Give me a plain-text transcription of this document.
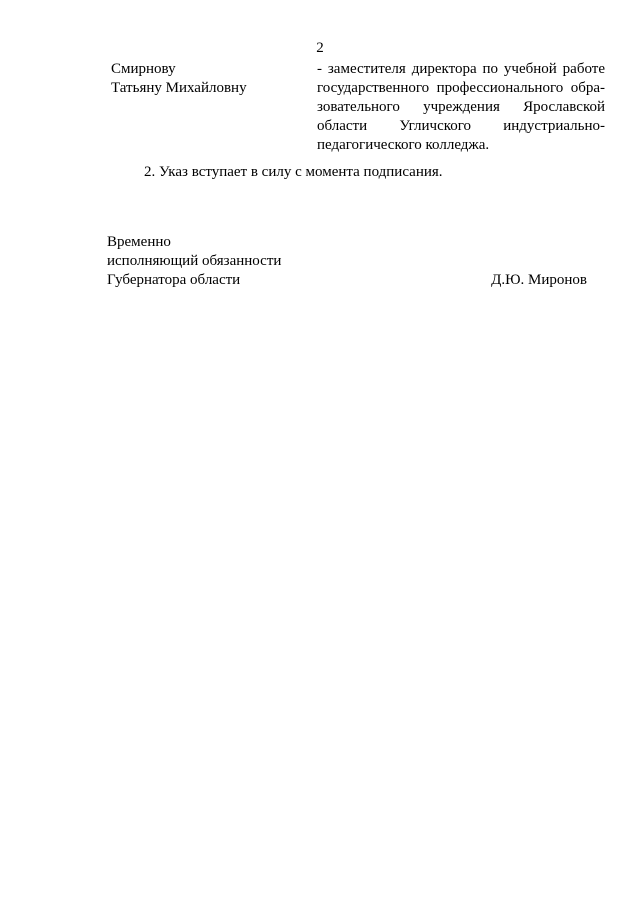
2
Смирнову
Татьяну Михайловну
- заместителя директора по учебной работе
государственного профессионального обра-
зовательного учреждения Ярославской
области Угличского индустриально-
педагогического колледжа.
2. Указ вступает в силу с момента подписания.
Временно
исполняющий обязанности
Губернатора области	Д.Ю. Миронов
